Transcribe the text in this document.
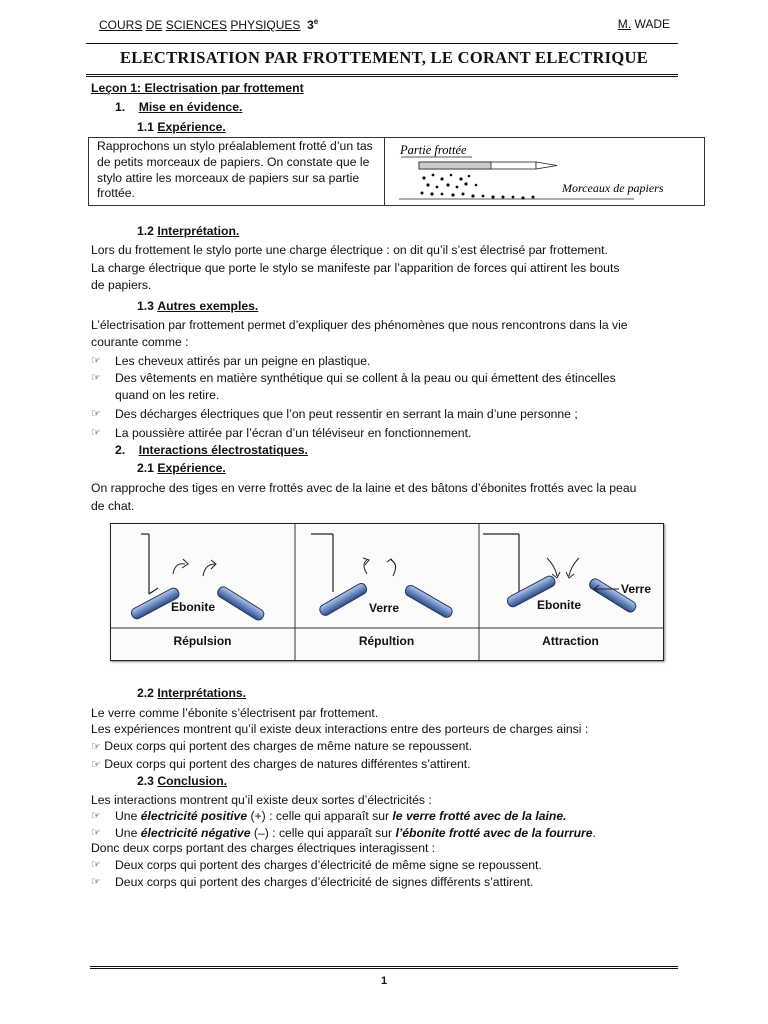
COURS DE SCIENCES PHYSIQUES 3e	M. WADE
ELECTRISATION PAR FROTTEMENT, LE CORANT ELECTRIQUE
Leçon 1: Electrisation par frottement
1. Mise en évidence.
1.1 Expérience.
Rapprochons un stylo préalablement frotté d’un tas de petits morceaux de papiers. On constate que le stylo attire les morceaux de papiers sur sa partie frottée.
Partie frottée
Morceaux de papiers
1.2 Interprétation.
Lors du frottement le stylo porte une charge électrique : on dit qu’il s’est électrisé par frottement.
La charge électrique que porte le stylo se manifeste par l’apparition de forces qui attirent les bouts
de papiers.
1.3 Autres exemples.
L’électrisation par frottement permet d’expliquer des phénomènes que nous rencontrons dans la vie
courante comme :
☞ Les cheveux attirés par un peigne en plastique.
☞ Des vêtements en matière synthétique qui se collent à la peau ou qui émettent des étincelles
quand on les retire.
☞ Des décharges électriques que l’on peut ressentir en serrant la main d’une personne ;
☞ La poussière attirée par l’écran d’un téléviseur en fonctionnement.
2. Interactions électrostatiques.
2.1 Expérience.
On rapproche des tiges en verre frottés avec de la laine et des bâtons d’ébonites frottés avec la peau
de chat.
Ebonite	Verre	Ebonite
Verre
Répulsion	Répultion	Attraction
2.2 Interprétations.
Le verre comme l’ébonite s’électrisent par frottement.
Les expériences montrent qu’il existe deux interactions entre des porteurs de charges ainsi :
☞ Deux corps qui portent des charges de même nature se repoussent.
☞ Deux corps qui portent des charges de natures différentes s’attirent.
2.3 Conclusion.
Les interactions montrent qu’il existe deux sortes d’électricités :
☞ Une électricité positive (+) : celle qui apparaît sur le verre frotté avec de la laine.
☞ Une électricité négative (–) : celle qui apparaît sur l’ébonite frotté avec de la fourrure.
Donc deux corps portant des charges électriques interagissent :
☞ Deux corps qui portent des charges d’électricité de même signe se repoussent.
☞ Deux corps qui portent des charges d’électricité de signes différents s’attirent.
1
